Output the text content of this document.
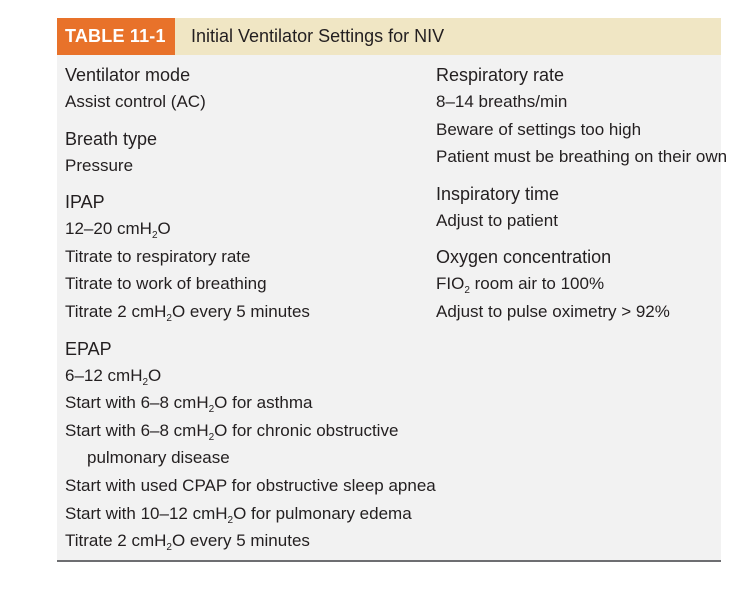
TABLE 11-1	Initial Ventilator Settings for NIV
Ventilator mode
Assist control (AC)
Breath type
Pressure
IPAP
12–20 cmH$_2$O
Titrate to respiratory rate
Titrate to work of breathing
Titrate 2 cmH$_2$O every 5 minutes
EPAP
6–12 cmH$_2$O
Start with 6–8 cmH$_2$O for asthma
Start with 6–8 cmH$_2$O for chronic obstructive
pulmonary disease
Start with used CPAP for obstructive sleep apnea
Start with 10–12 cmH$_2$O for pulmonary edema
Titrate 2 cmH$_2$O every 5 minutes
Respiratory rate
8–14 breaths/min
Beware of settings too high
Patient must be breathing on their own
Inspiratory time
Adjust to patient
Oxygen concentration
$FIO_2$ room air to 100%
Adjust to pulse oximetry > 92%
